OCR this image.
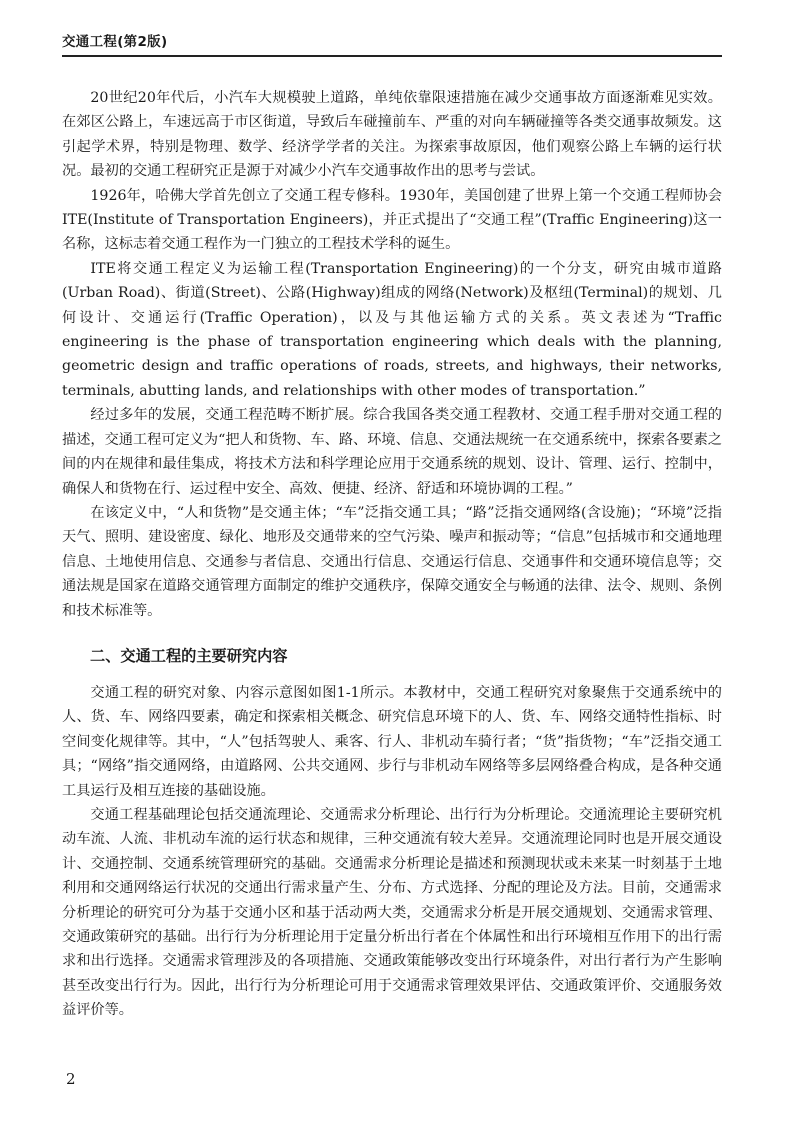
交通工程(第2版)

20世纪20年代后，小汽车大规模驶上道路，单纯依靠限速措施在减少交通事故方面逐渐难见实效。在郊区公路上，车速远高于市区街道，导致后车碰撞前车、严重的对向车辆碰撞等各类交通事故频发。这引起学术界，特别是物理、数学、经济学学者的关注。为探索事故原因，他们观察公路上车辆的运行状况。最初的交通工程研究正是源于对减少小汽车交通事故作出的思考与尝试。

1926年，哈佛大学首先创立了交通工程专修科。1930年，美国创建了世界上第一个交通工程师协会ITE(Institute of Transportation Engineers)，并正式提出了“交通工程”(Traffic Engineering)这一名称，这标志着交通工程作为一门独立的工程技术学科的诞生。

ITE将交通工程定义为运输工程(Transportation Engineering)的一个分支，研究由城市道路(Urban Road)、街道(Street)、公路(Highway)组成的网络(Network)及枢纽(Terminal)的规划、几何设计、交通运行(Traffic Operation)，以及与其他运输方式的关系。英文表述为“Traffic engineering is the phase of transportation engineering which deals with the planning, geometric design and traffic operations of roads, streets, and highways, their networks, terminals, abutting lands, and relationships with other modes of transportation.”

经过多年的发展，交通工程范畴不断扩展。综合我国各类交通工程教材、交通工程手册对交通工程的描述，交通工程可定义为“把人和货物、车、路、环境、信息、交通法规统一在交通系统中，探索各要素之间的内在规律和最佳集成，将技术方法和科学理论应用于交通系统的规划、设计、管理、运行、控制中，确保人和货物在行、运过程中安全、高效、便捷、经济、舒适和环境协调的工程。”

在该定义中，“人和货物”是交通主体；“车”泛指交通工具；“路”泛指交通网络(含设施)；“环境”泛指天气、照明、建设密度、绿化、地形及交通带来的空气污染、噪声和振动等；“信息”包括城市和交通地理信息、土地使用信息、交通参与者信息、交通出行信息、交通运行信息、交通事件和交通环境信息等；交通法规是国家在道路交通管理方面制定的维护交通秩序，保障交通安全与畅通的法律、法令、规则、条例和技术标准等。

二、交通工程的主要研究内容

交通工程的研究对象、内容示意图如图1-1所示。本教材中，交通工程研究对象聚焦于交通系统中的人、货、车、网络四要素，确定和探索相关概念、研究信息环境下的人、货、车、网络交通特性指标、时空间变化规律等。其中，“人”包括驾驶人、乘客、行人、非机动车骑行者；“货”指货物；“车”泛指交通工具；“网络”指交通网络，由道路网、公共交通网、步行与非机动车网络等多层网络叠合构成，是各种交通工具运行及相互连接的基础设施。

交通工程基础理论包括交通流理论、交通需求分析理论、出行行为分析理论。交通流理论主要研究机动车流、人流、非机动车流的运行状态和规律，三种交通流有较大差异。交通流理论同时也是开展交通设计、交通控制、交通系统管理研究的基础。交通需求分析理论是描述和预测现状或未来某一时刻基于土地利用和交通网络运行状况的交通出行需求量产生、分布、方式选择、分配的理论及方法。目前，交通需求分析理论的研究可分为基于交通小区和基于活动两大类，交通需求分析是开展交通规划、交通需求管理、交通政策研究的基础。出行行为分析理论用于定量分析出行者在个体属性和出行环境相互作用下的出行需求和出行选择。交通需求管理涉及的各项措施、交通政策能够改变出行环境条件，对出行者行为产生影响甚至改变出行行为。因此，出行行为分析理论可用于交通需求管理效果评估、交通政策评价、交通服务效益评价等。

2
